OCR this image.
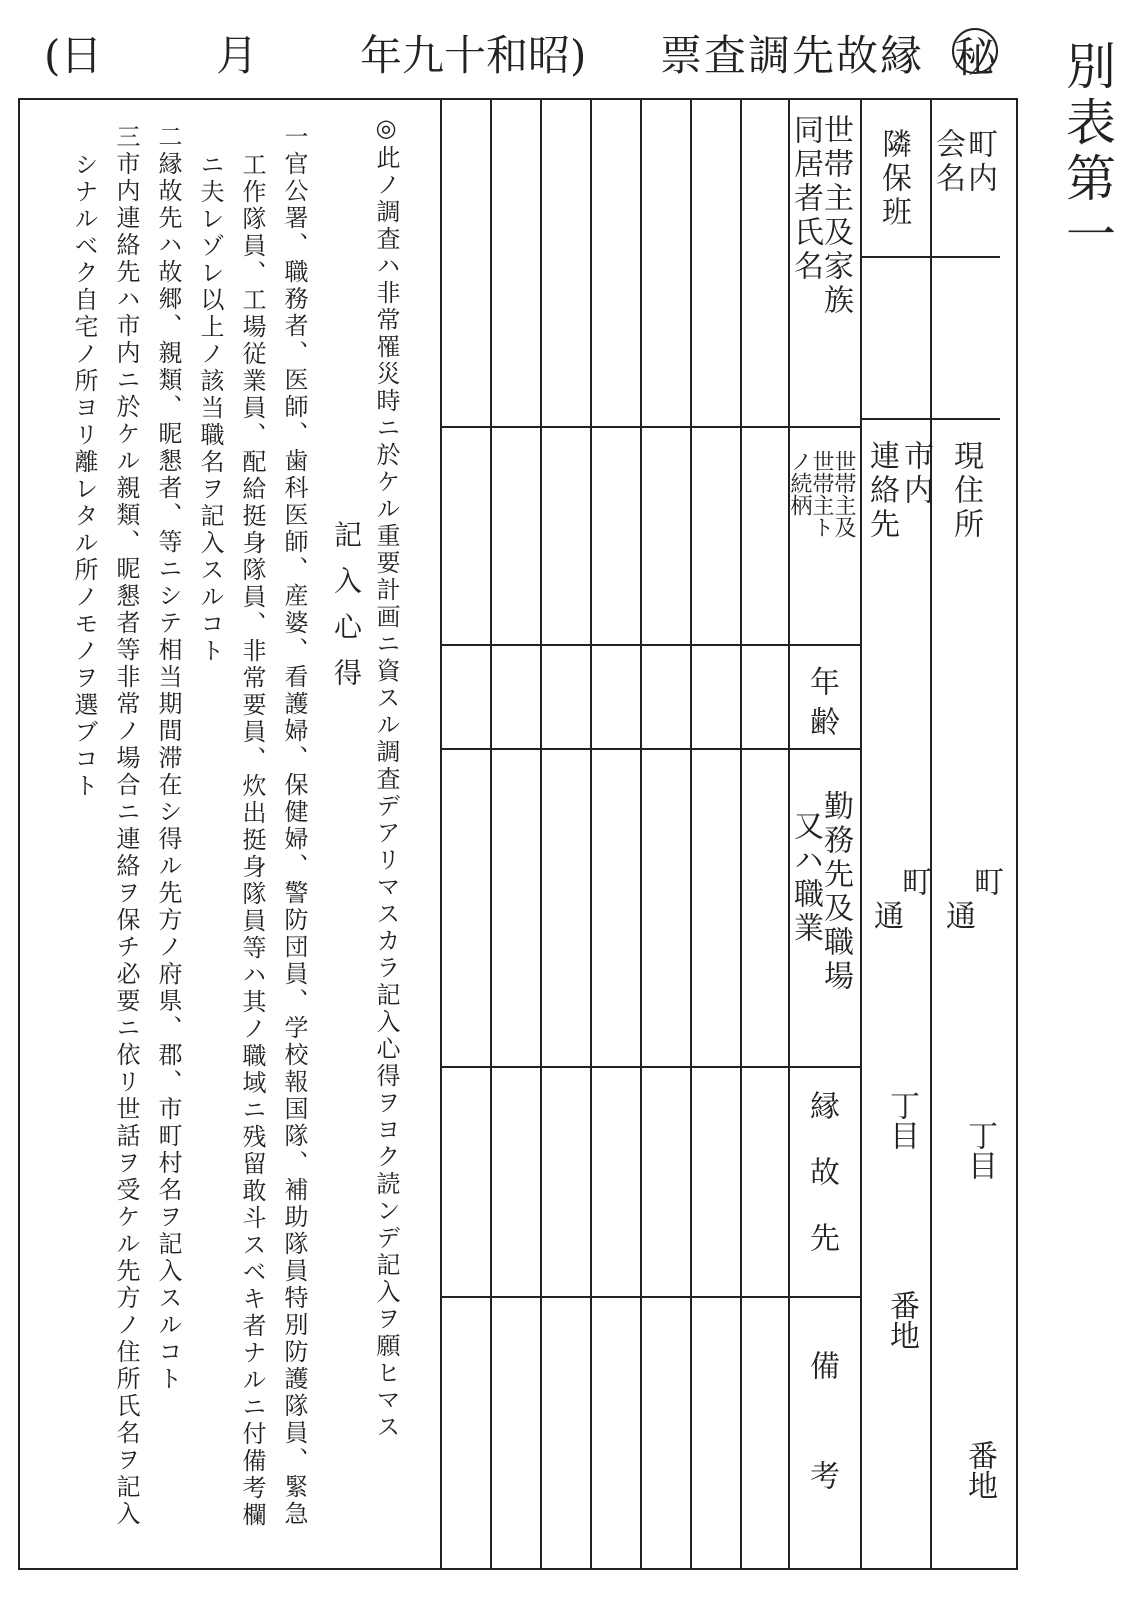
(日	月 年九十和昭) 票査調先故縁 秘 別表第一
◎此ノ調査ハ非常罹災時ニ於ケル重要計画ニ資スル調査デアリマスカラ記入心得ヲヨク読ンデ記入ヲ願ヒマス
記入心得
一官公署、職務者、医師、歯科医師、産婆、看護婦、保健婦、警防団員、学校報国隊、補助隊員特別防護隊員、緊急
工作隊員、工場従業員、配給挺身隊員、非常要員、炊出挺身隊員等ハ其ノ職域ニ残留敢斗スベキ者ナルニ付備考欄
ニ夫レゾレ以上ノ該当職名ヲ記入スルコト
二縁故先ハ故郷、親類、昵懇者、等ニシテ相当期間滞在シ得ル先方ノ府県、郡、市町村名ヲ記入スルコト
三市内連絡先ハ市内ニ於ケル親類、昵懇者等非常ノ場合ニ連絡ヲ保チ必要ニ依リ世話ヲ受ケル先方ノ住所氏名ヲ記入
シナルベク自宅ノ所ヨリ離レタル所ノモノヲ選ブコト	町内
会名
隣保班
世帯主及家族
同居者氏名
現住所
市内
連絡先
世帯主及
世帯主ト
ノ続柄
年齢
勤務先及職場
又ハ職業
縁故先
備考
町
通
丁目
番地
町
通
丁目
番地
